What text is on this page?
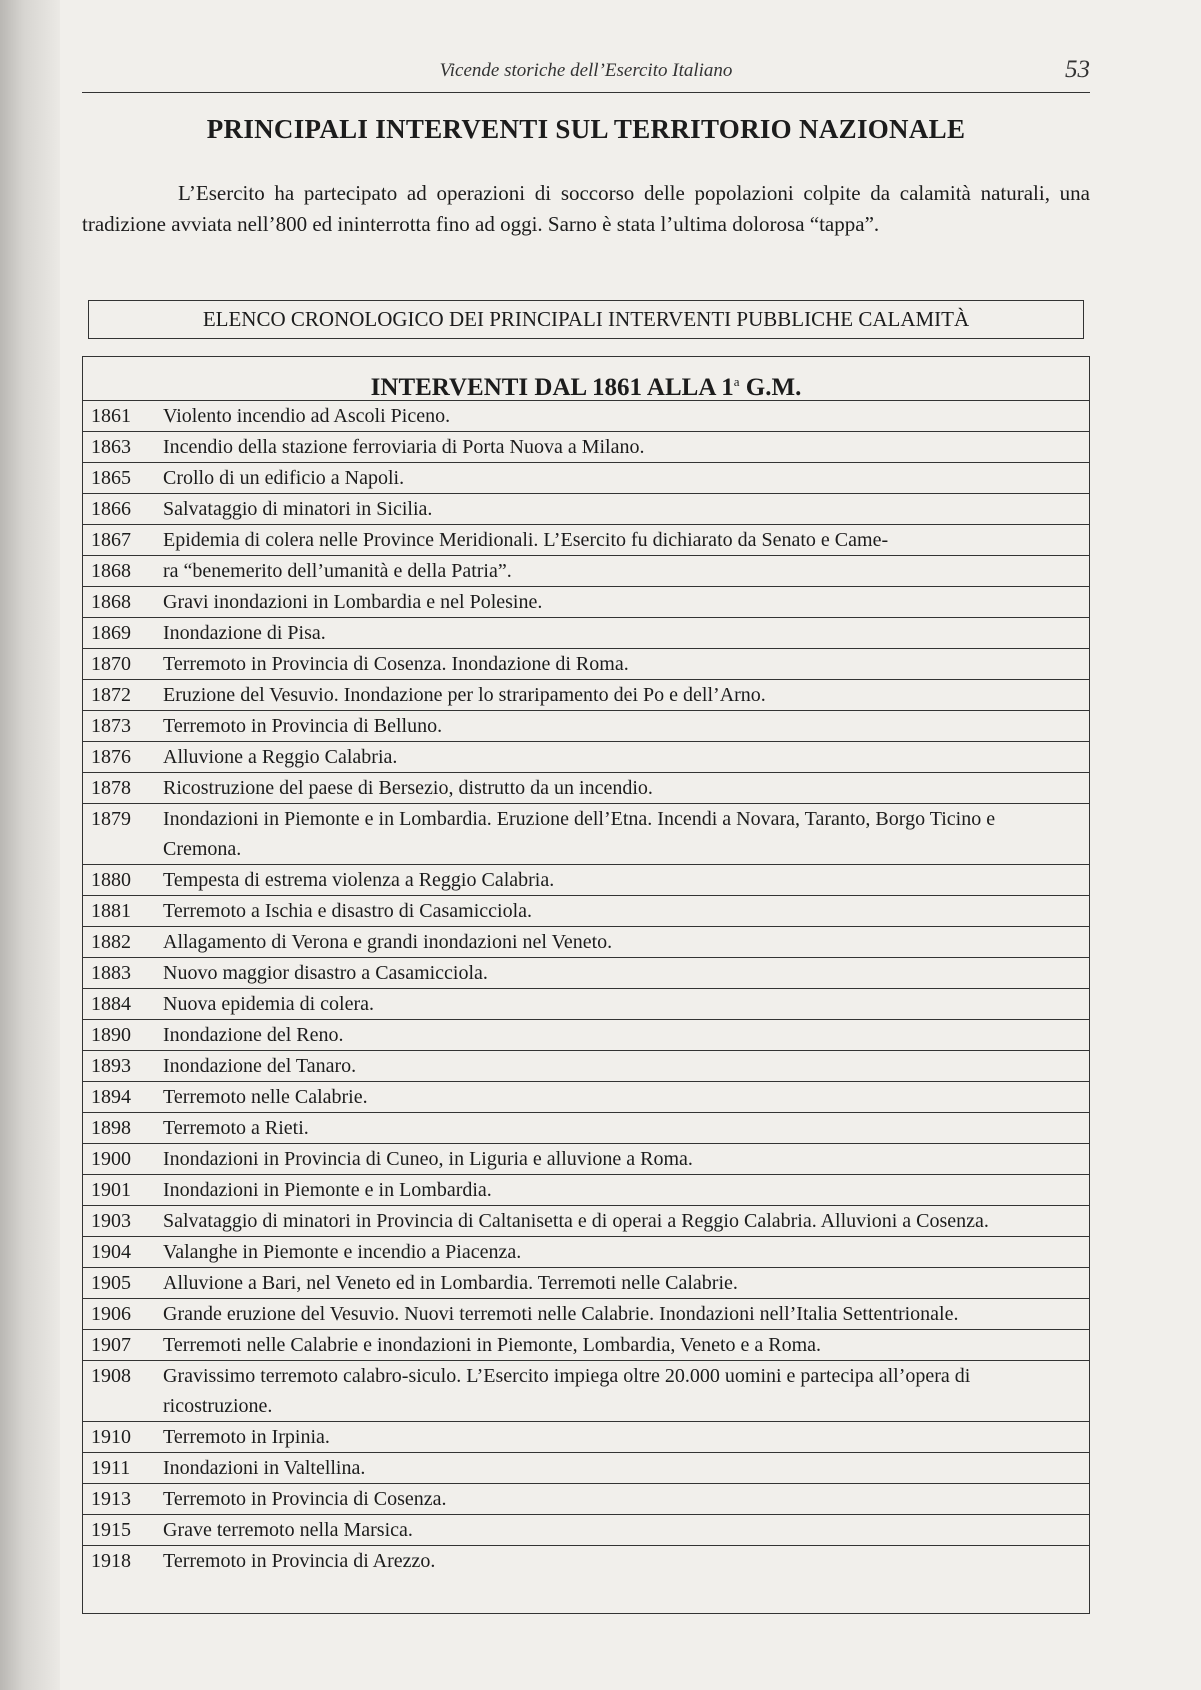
Vicende storiche dell’Esercito Italiano	53
PRINCIPALI INTERVENTI SUL TERRITORIO NAZIONALE

L’Esercito ha partecipato ad operazioni di soccorso delle popolazioni colpite da calamità naturali, una tradizione avviata nell’800 ed ininterrotta fino ad oggi. Sarno è stata l’ultima dolorosa “tappa”.

ELENCO CRONOLOGICO DEI PRINCIPALI INTERVENTI PUBBLICHE CALAMITÀ
INTERVENTI DAL 1861 ALLA 1$^a$ G.M.
1861	Violento incendio ad Ascoli Piceno.
1863	Incendio della stazione ferroviaria di Porta Nuova a Milano.
1865	Crollo di un edificio a Napoli.
1866	Salvataggio di minatori in Sicilia.
1867	Epidemia di colera nelle Province Meridionali. L’Esercito fu dichiarato da Senato e Came-
1868	ra “benemerito dell’umanità e della Patria”.
1868	Gravi inondazioni in Lombardia e nel Polesine.
1869	Inondazione di Pisa.
1870	Terremoto in Provincia di Cosenza. Inondazione di Roma.
1872	Eruzione del Vesuvio. Inondazione per lo straripamento dei Po e dell’Arno.
1873	Terremoto in Provincia di Belluno.
1876	Alluvione a Reggio Calabria.
1878	Ricostruzione del paese di Bersezio, distrutto da un incendio.
1879	Inondazioni in Piemonte e in Lombardia. Eruzione dell’Etna. Incendi a Novara, Taranto, Borgo Ticino e Cremona.
1880	Tempesta di estrema violenza a Reggio Calabria.
1881	Terremoto a Ischia e disastro di Casamicciola.
1882	Allagamento di Verona e grandi inondazioni nel Veneto.
1883	Nuovo maggior disastro a Casamicciola.
1884	Nuova epidemia di colera.
1890	Inondazione del Reno.
1893	Inondazione del Tanaro.
1894	Terremoto nelle Calabrie.
1898	Terremoto a Rieti.
1900	Inondazioni in Provincia di Cuneo, in Liguria e alluvione a Roma.
1901	Inondazioni in Piemonte e in Lombardia.
1903	Salvataggio di minatori in Provincia di Caltanisetta e di operai a Reggio Calabria. Alluvioni a Cosenza.
1904	Valanghe in Piemonte e incendio a Piacenza.
1905	Alluvione a Bari, nel Veneto ed in Lombardia. Terremoti nelle Calabrie.
1906	Grande eruzione del Vesuvio. Nuovi terremoti nelle Calabrie. Inondazioni nell’Italia Settentrionale.
1907	Terremoti nelle Calabrie e inondazioni in Piemonte, Lombardia, Veneto e a Roma.
1908	Gravissimo terremoto calabro-siculo. L’Esercito impiega oltre 20.000 uomini e partecipa all’opera di ricostruzione.
1910	Terremoto in Irpinia.
1911	Inondazioni in Valtellina.
1913	Terremoto in Provincia di Cosenza.
1915	Grave terremoto nella Marsica.
1918	Terremoto in Provincia di Arezzo.
